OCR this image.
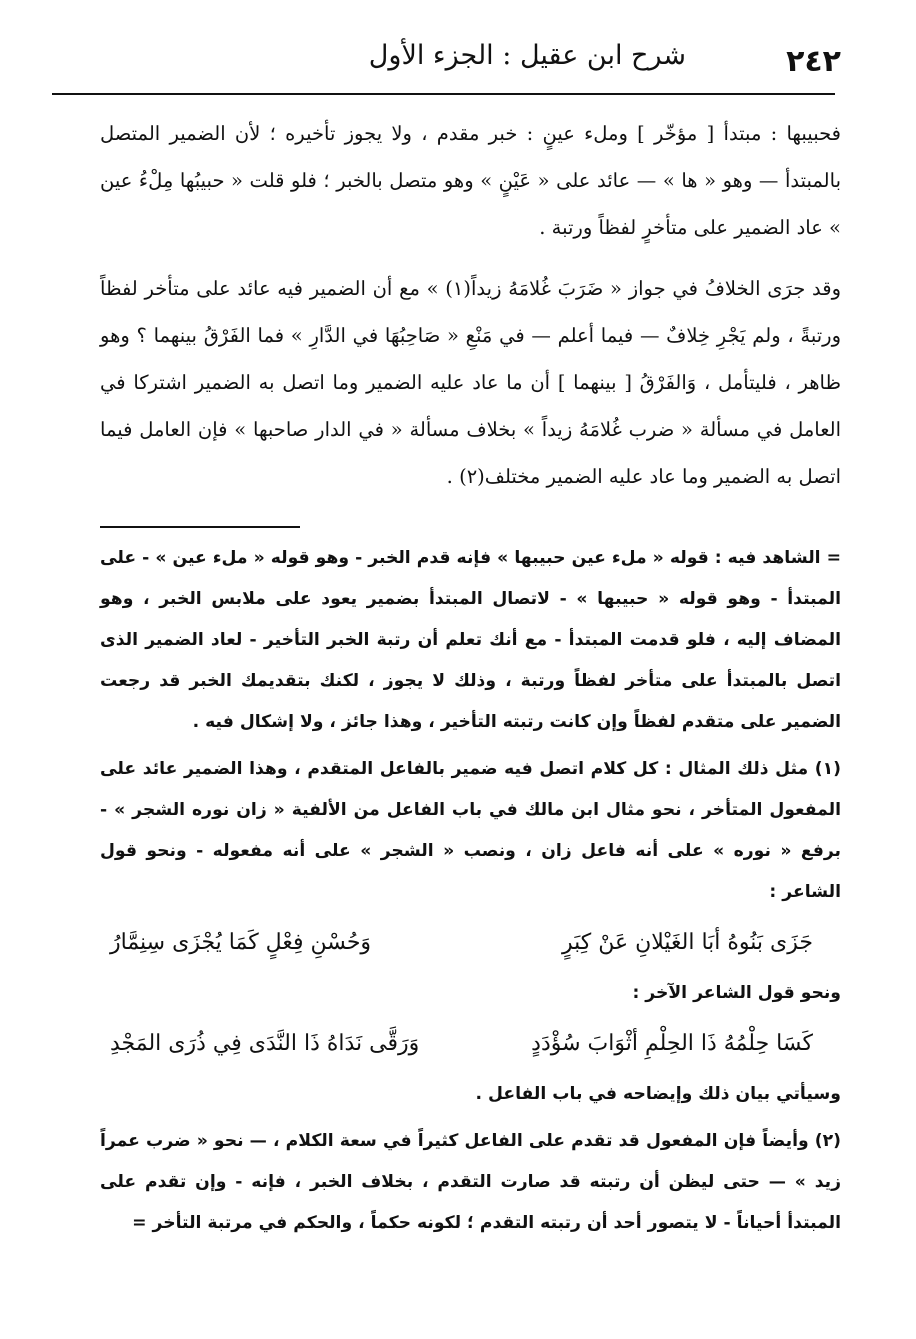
٢٤٢
شرح ابن عقيل : الجزء الأول

فحبيبها : مبتدأ [ مؤخّر ] وملء عينٍ : خبر مقدم ، ولا يجوز تأخيره ؛ لأن الضمير المتصل بالمبتدأ — وهو « ها » — عائد على « عَيْنٍ » وهو متصل بالخبر ؛ فلو قلت « حبيبُها مِلْءُ عين » عاد الضمير على متأخرٍ لفظاً ورتبة .

وقد جرَى الخلافُ في جواز « ضَرَبَ غُلامَهُ زيداً(١) » مع أن الضمير فيه عائد على متأخر لفظاً ورتبةً ، ولم يَجْرِ خِلافٌ — فيما أعلم — في مَنْعِ « صَاحِبُهَا في الدَّارِ » فما الفَرْقُ بينهما ؟ وهو ظاهر ، فليتأمل ، وَالفَرْقُ [ بينهما ] أن ما عاد عليه الضمير وما اتصل به الضمير اشتركا في العامل في مسألة « ضرب غُلامَهُ زيداً » بخلاف مسألة « في الدار صاحبها » فإن العامل فيما اتصل به الضمير وما عاد عليه الضمير مختلف(٢) .

= الشاهد فيه : قوله « ملء عين حبيبها » فإنه قدم الخبر - وهو قوله « ملء عين » - على المبتدأ - وهو قوله « حبيبها » - لاتصال المبتدأ بضمير يعود على ملابس الخبر ، وهو المضاف إليه ، فلو قدمت المبتدأ - مع أنك تعلم أن رتبة الخبر التأخير - لعاد الضمير الذى اتصل بالمبتدأ على متأخر لفظاً ورتبة ، وذلك لا يجوز ، لكنك بتقديمك الخبر قد رجعت الضمير على متقدم لفظاً وإن كانت رتبته التأخير ، وهذا جائز ، ولا إشكال فيه .

(١) مثل ذلك المثال : كل كلام اتصل فيه ضمير بالفاعل المتقدم ، وهذا الضمير عائد على المفعول المتأخر ، نحو مثال ابن مالك في باب الفاعل من الألفية « زان نوره الشجر » - برفع « نوره » على أنه فاعل زان ، ونصب « الشجر » على أنه مفعوله - ونحو قول الشاعر :

جَزَى بَنُوهُ أبَا الغَيْلانِ عَنْ كِبَرٍ
وَحُسْنِ فِعْلٍ كَمَا يُجْزَى سِنِمَّارُ

ونحو قول الشاعر الآخر :

كَسَا حِلْمُهُ ذَا الحِلْمِ أثْوَابَ سُؤْدَدٍ
وَرَقَّى نَدَاهُ ذَا النَّدَى فِي ذُرَى المَجْدِ

وسيأتي بيان ذلك وإيضاحه في باب الفاعل .

(٢) وأيضاً فإن المفعول قد تقدم على الفاعل كثيراً في سعة الكلام ، — نحو « ضرب عمراً زيد » — حتى ليظن أن رتبته قد صارت التقدم ، بخلاف الخبر ، فإنه - وإن تقدم على المبتدأ أحياناً - لا يتصور أحد أن رتبته التقدم ؛ لكونه حكماً ، والحكم في مرتبة التأخر =
